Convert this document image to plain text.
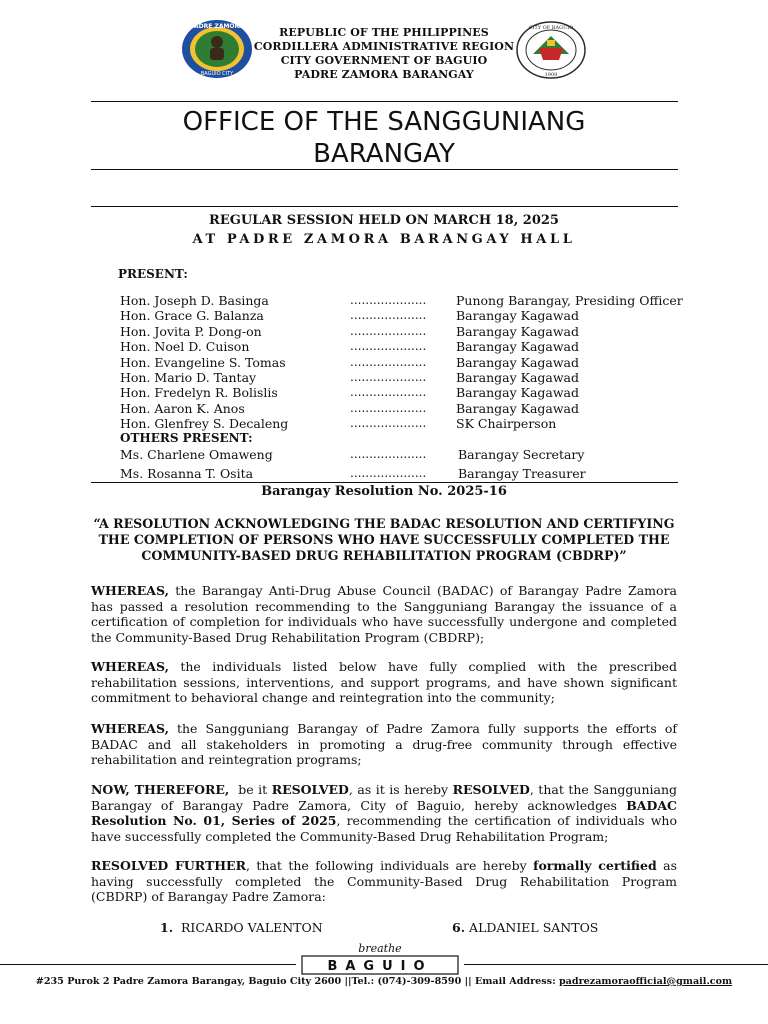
PADRE ZAMORA
BAGUIO CITY
CITY OF BAGUIO
1909
REPUBLIC OF THE PHILIPPINES
CORDILLERA ADMINISTRATIVE REGION
CITY GOVERNMENT OF BAGUIO
PADRE ZAMORA BARANGAY
OFFICE OF THE SANGGUNIANG
BARANGAY
REGULAR SESSION HELD ON MARCH 18, 2025
AT PADRE ZAMORA BARANGAY HALL
PRESENT:
Hon. Joseph D. Basinga	.................... Punong Barangay, Presiding Officer
Hon. Grace G. Balanza	.................... Barangay Kagawad
Hon. Jovita P. Dong-on	.................... Barangay Kagawad
Hon. Noel D. Cuison	.................... Barangay Kagawad
Hon. Evangeline S. Tomas	.................... Barangay Kagawad
Hon. Mario D. Tantay	.................... Barangay Kagawad
Hon. Fredelyn R. Bolislis	.................... Barangay Kagawad
Hon. Aaron K. Anos	.................... Barangay Kagawad
Hon. Glenfrey S. Decaleng	.................... SK Chairperson
OTHERS PRESENT:
Ms. Charlene Omaweng	....................	Barangay Secretary
Ms. Rosanna T. Osita	....................	Barangay Treasurer
Barangay Resolution No. 2025-16
“A RESOLUTION ACKNOWLEDGING THE BADAC RESOLUTION AND CERTIFYING THE COMPLETION OF PERSONS WHO HAVE SUCCESSFULLY COMPLETED THE COMMUNITY-BASED DRUG REHABILITATION PROGRAM (CBDRP)”
WHEREAS, the Barangay Anti-Drug Abuse Council (BADAC) of Barangay Padre Zamora has passed a resolution recommending to the Sangguniang Barangay the issuance of a certification of completion for individuals who have successfully undergone and completed the Community-Based Drug Rehabilitation Program (CBDRP);
WHEREAS, the individuals listed below have fully complied with the prescribed rehabilitation sessions, interventions, and support programs, and have shown significant commitment to behavioral change and reintegration into the community;
WHEREAS, the Sangguniang Barangay of Padre Zamora fully supports the efforts of BADAC and all stakeholders in promoting a drug-free community through effective rehabilitation and reintegration programs;
NOW, THEREFORE,  be it RESOLVED, as it is hereby RESOLVED, that the Sangguniang Barangay of Barangay Padre Zamora, City of Baguio, hereby acknowledges BADAC Resolution No. 01, Series of 2025, recommending the certification of individuals who have successfully completed the Community-Based Drug Rehabilitation Program;
RESOLVED FURTHER, that the following individuals are hereby formally certified as having successfully completed the Community-Based Drug Rehabilitation Program (CBDRP) of Barangay Padre Zamora:
1. RICARDO VALENTON	6. ALDANIEL SANTOS
breathe
BAGUIO
#235 Purok 2 Padre Zamora Barangay, Baguio City 2600 ||Tel.: (074)-309-8590 || Email Address: padrezamoraofficial@gmail.com
